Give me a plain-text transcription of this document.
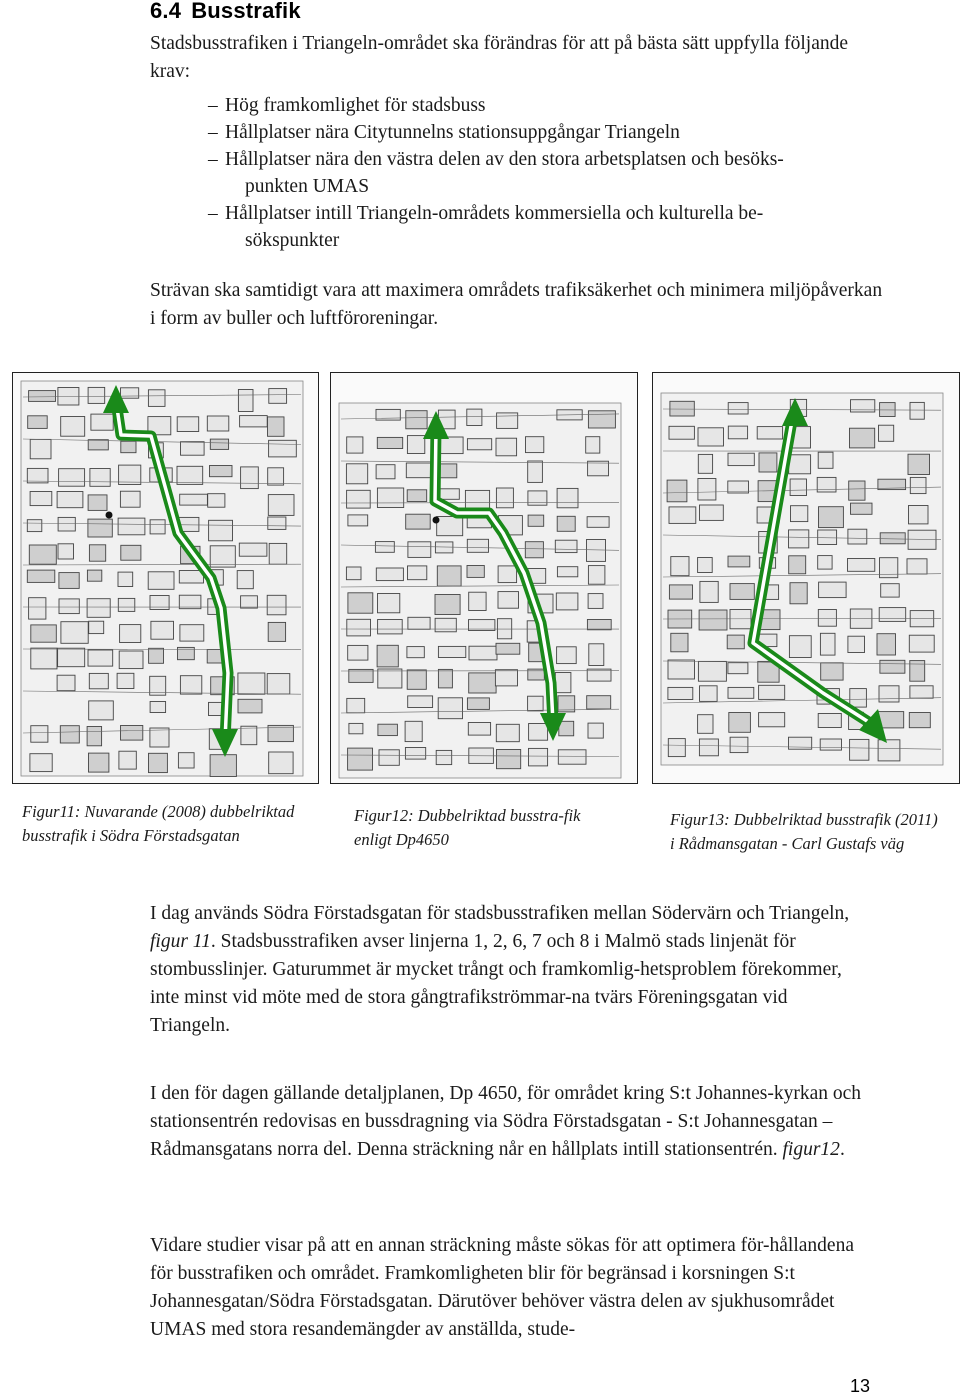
6.4 Busstrafik

Stadsbusstrafiken i Triangeln-området ska förändras för att på bästa sätt uppfylla följande krav:

– Hög framkomlighet för stadsbuss
– Hållplatser nära Citytunnelns stationsuppgångar Triangeln
– Hållplatser nära den västra delen av den stora arbetsplatsen och besöks-
punkten UMAS
– Hållplatser intill Triangeln-områdets kommersiella och kulturella be-
sökspunkter

Strävan ska samtidigt vara att maximera områdets trafiksäkerhet och minimera miljöpåverkan i form av buller och luftföroreningar.

Figur11: Nuvarande (2008) dubbelriktad busstrafik i Södra Förstadsgatan

Figur12: Dubbelriktad busstra-fik enligt Dp4650

Figur13: Dubbelriktad busstrafik (2011) i Rådmansgatan - Carl Gustafs väg

I dag används Södra Förstadsgatan för stadsbusstrafiken mellan Södervärn och Triangeln, figur 11. Stadsbusstrafiken avser linjerna 1, 2, 6, 7 och 8 i Malmö stads linjenät för stombusslinjer. Gaturummet är mycket trångt och framkomlig-hetsproblem förekommer, inte minst vid möte med de stora gångtrafikströmmar-na tvärs Föreningsgatan vid Triangeln.

I den för dagen gällande detaljplanen, Dp 4650, för området kring S:t Johannes-kyrkan och stationsentrén redovisas en bussdragning via Södra Förstadsgatan - S:t Johannesgatan – Rådmansgatans norra del. Denna sträckning når en hållplats intill stationsentrén. figur12.

Vidare studier visar på att en annan sträckning måste sökas för att optimera för-hållandena för busstrafiken och området. Framkomligheten blir för begränsad i korsningen S:t Johannesgatan/Södra Förstadsgatan. Därutöver behöver västra delen av sjukhusområdet UMAS med stora resandemängder av anställda, stude-

13
